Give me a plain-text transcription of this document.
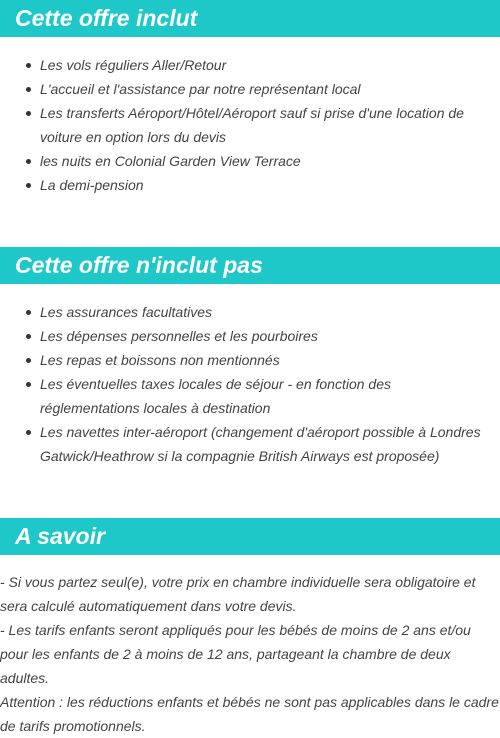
Cette offre inclut
Les vols réguliers Aller/Retour
L'accueil et l'assistance par notre représentant local
Les transferts Aéroport/Hôtel/Aéroport sauf si prise d'une location de voiture en option lors du devis
les nuits en Colonial Garden View Terrace
La demi-pension
Cette offre n'inclut pas
Les assurances facultatives
Les dépenses personnelles et les pourboires
Les repas et boissons non mentionnés
Les éventuelles taxes locales de séjour - en fonction des réglementations locales à destination
Les navettes inter-aéroport (changement d'aéroport possible à Londres Gatwick/Heathrow si la compagnie British Airways est proposée)
A savoir

- Si vous partez seul(e), votre prix en chambre individuelle sera obligatoire et sera calculé automatiquement dans votre devis.

- Les tarifs enfants seront appliqués pour les bébés de moins de 2 ans et/ou pour les enfants de 2 à moins de 12 ans, partageant la chambre de deux adultes.

Attention : les réductions enfants et bébés ne sont pas applicables dans le cadre de tarifs promotionnels.
